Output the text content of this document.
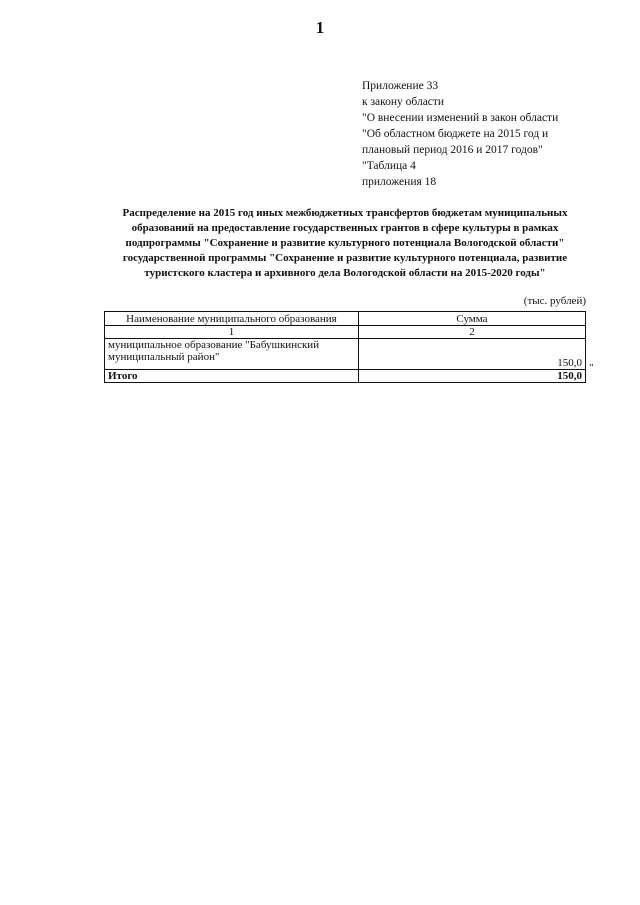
1
Приложение 33
к закону области
"О внесении изменений в закон области
"Об областном бюджете на 2015 год и
плановый период 2016 и 2017 годов"
"Таблица 4
приложения 18
Распределение на 2015 год иных межбюджетных трансфертов бюджетам муниципальных
образований на предоставление государственных грантов в сфере культуры в рамках
подпрограммы "Сохранение и развитие культурного потенциала Вологодской области"
государственной программы "Сохранение и развитие культурного потенциала, развитие
туристского кластера и архивного дела Вологодской области на 2015-2020 годы"
(тыс. рублей)
Наименование муниципального образования	Сумма
1	2
муниципальное образование "Бабушкинский муниципальный район"	150,0
Итого	150,0
"
